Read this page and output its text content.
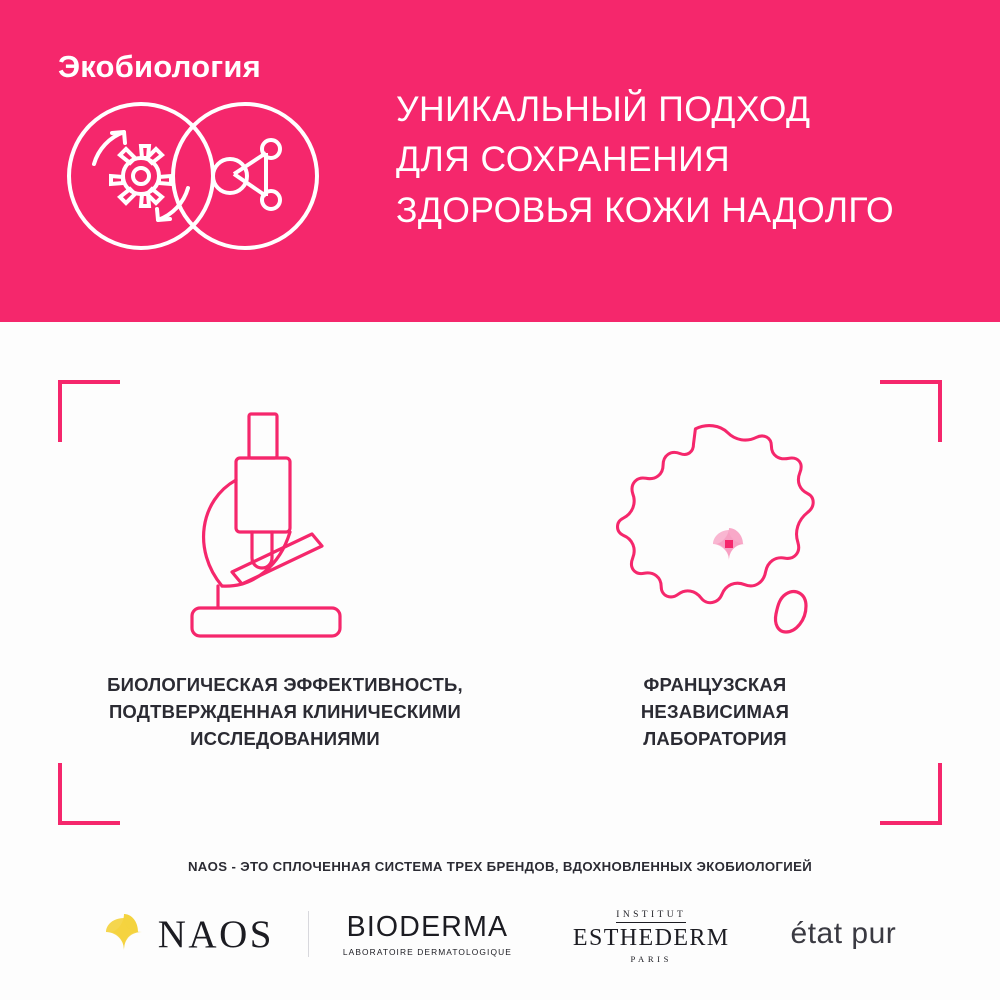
Экобиология
УНИКАЛЬНЫЙ ПОДХОД
ДЛЯ СОХРАНЕНИЯ
ЗДОРОВЬЯ КОЖИ НАДОЛГО
БИОЛОГИЧЕСКАЯ ЭФФЕКТИВНОСТЬ,
ПОДТВЕРЖДЕННАЯ КЛИНИЧЕСКИМИ
ИССЛЕДОВАНИЯМИ
ФРАНЦУЗСКАЯ
НЕЗАВИСИМАЯ
ЛАБОРАТОРИЯ
NAOS - ЭТО СПЛОЧЕННАЯ СИСТЕМА ТРЕХ БРЕНДОВ, ВДОХНОВЛЕННЫХ ЭКОБИОЛОГИЕЙ
NAOS	BIODERMA
LABORATOIRE DERMATOLOGIQUE
INSTITUT
ESTHEDERM
PARIS
état pur
